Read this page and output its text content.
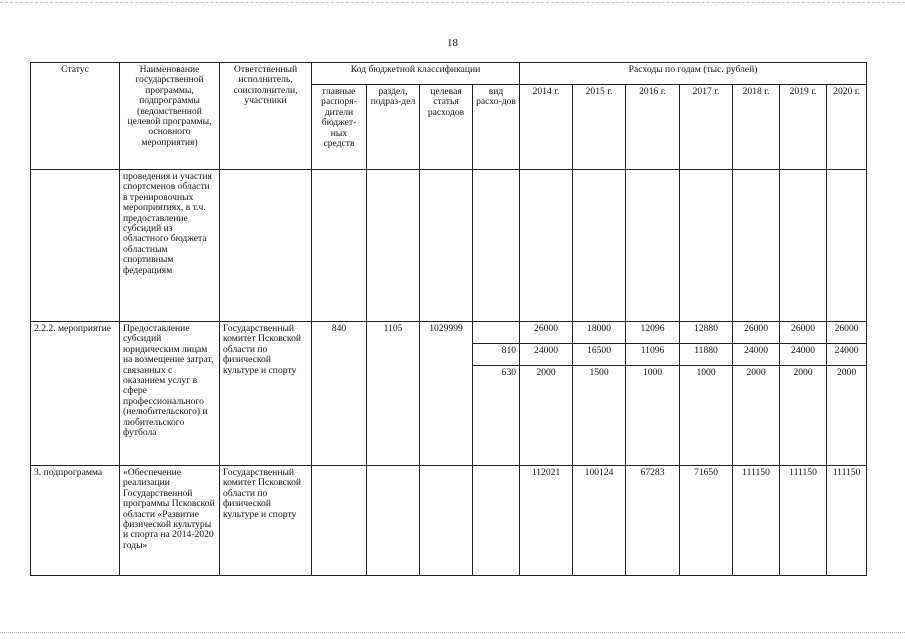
18
Статус	Наименование государственной программы, подпрограммы (ведомственной целевой программы, основного мероприятия)	Ответственный исполнитель, соисполнители, участники	Код бюджетной классификации				Расходы по годам (тыс. рублей)						
			главные распоря-дители бюджет-ных средств	раздел, подраз-дел	целевая статья расходов	вид расхо-дов	2014 г.	2015 г.	2016 г.	2017 г.	2018 г.	2019 г.	2020 г.
	проведения и участия спортсменов области в тренировочных мероприятиях, в т.ч. предоставление субсидий из областного бюджета областным спортивным федерациям												
2.2.2. мероприятие	Предоставление субсидий юридическим лицам на возмещение затрат, связанных с оказанием услуг в сфере профессионального (нелюбительского) и любительского футбола	Государственный комитет Псковской области по физической культуре и спорту	840	1105	1029999		26000	18000	12096	12880	26000	26000	26000
						810	24000	16500	11096	11880	24000	24000	24000
						630	2000	1500	1000	1000	2000	2000	2000
3. подпрограмма	«Обеспечение реализации Государственной программы Псковской области «Развитие физической культуры и спорта на 2014-2020 годы»	Государственный комитет Псковской области по физической культуре и спорту					112021	100124	67283	71650	111150	111150	111150
